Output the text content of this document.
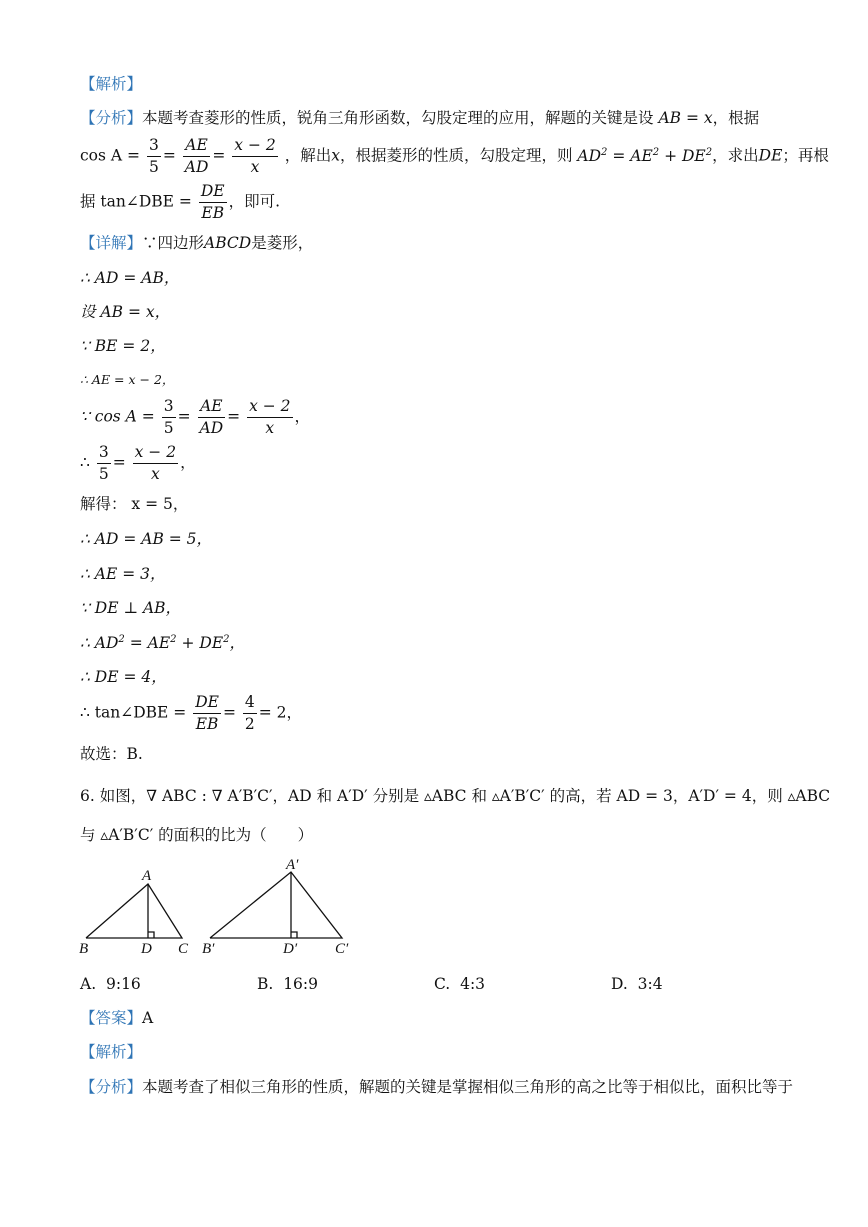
【解析】
【分析】本题考查菱形的性质，锐角三角形函数，勾股定理的应用，解题的关键是设 AB = x，根据
$\cos A = \frac{3}{5} = \frac{AE}{AD} = \frac{x - 2}{x}$ ，解出x，根据菱形的性质，勾股定理，则 $AD^2 = AE^2 + DE^2$，求出DE；再根
据 tan∠DBE = $\frac{DE}{EB}$ ，即可.
【详解】∵四边形ABCD是菱形，
∴ AD = AB，
设 AB = x，
∵ BE = 2，
∴ AE = x − 2，
∵ $\cos A = \frac{3}{5} = \frac{AE}{AD} = \frac{x - 2}{x}$ ，
∴ $\frac{3}{5} = \frac{x - 2}{x}$ ，
解得： x = 5，
∴ AD = AB = 5，
∴ AE = 3，
∵ DE ⊥ AB，
∴ $AD^2 = AE^2 + DE^2$，
∴ DE = 4，
∴ tan∠DBE = $\frac{DE}{EB} = \frac{4}{2} = 2$，
故选：B.
6. 如图，∇ ABC : ∇ A′B′C′，AD 和 A′D′ 分别是 ▵ABC 和 ▵A′B′C′ 的高，若 AD = 3，A′D′ = 4，则 ▵ABC
与 ▵A′B′C′ 的面积的比为（　　）
A
B	D C
A′
B′	D′	C′
A. 9:16	B. 16:9	C. 4:3	D. 3:4
【答案】A
【解析】
【分析】本题考查了相似三角形的性质，解题的关键是掌握相似三角形的高之比等于相似比，面积比等于
